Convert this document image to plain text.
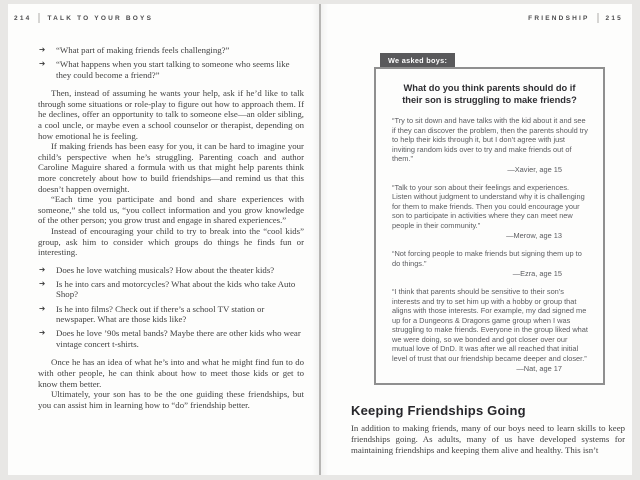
214 TALK TO YOUR BOYS
➔ “What part of making friends feels challenging?”
➔ “What happens when you start talking to someone who seems like they could become a friend?”

Then, instead of assuming he wants your help, ask if he’d like to talk through some situations or role-play to figure out how to approach them. If he declines, offer an opportunity to talk to someone else—an older sibling, a cool uncle, or maybe even a school counselor or therapist, depending on how emotional he is feeling.

If making friends has been easy for you, it can be hard to imagine your child’s perspective when he’s struggling. Parenting coach and author Caroline Maguire shared a formula with us that might help parents think more concretely about how to build friendships—and remind us that this doesn’t happen overnight.

“Each time you participate and bond and share experiences with someone,” she told us, “you collect information and you grow knowledge of the other person; you grow trust and engage in shared experiences.”

Instead of encouraging your child to try to break into the “cool kids” group, ask him to consider which groups do things he finds fun or interesting.

➔ Does he love watching musicals? How about the theater kids?
➔ Is he into cars and motorcycles? What about the kids who take Auto Shop?
➔ Is he into films? Check out if there’s a school TV station or newspaper. What are those kids like?
➔ Does he love ’90s metal bands? Maybe there are other kids who wear vintage concert t-shirts.

Once he has an idea of what he’s into and what he might find fun to do with other people, he can think about how to meet those kids or get to know them better.

Ultimately, your son has to be the one guiding these friendships, but you can assist him in learning how to “do” friendship better.

FRIENDSHIP 215
We asked boys:
What do you think parents should do if their son is struggling to make friends?
“Try to sit down and have talks with the kid about it and see if they can discover the problem, then the parents should try to help their kids through it, but I don’t agree with just inviting random kids over to try and make friends out of them.”
—Xavier, age 15
“Talk to your son about their feelings and experiences. Listen without judgment to understand why it is challenging for them to make friends. Then you could encourage your son to participate in activities where they can meet new people in their community.”
—Merow, age 13
“Not forcing people to make friends but signing them up to do things.”
—Ezra, age 15
“I think that parents should be sensitive to their son’s interests and try to set him up with a hobby or group that aligns with those interests. For example, my dad signed me up for a Dungeons & Dragons game group when I was struggling to make friends. Everyone in the group liked what we were doing, so we bonded and got closer over our mutual love of DnD. It was after we all reached that initial level of trust that our friendship became deeper and closer.”
—Nat, age 17
Keeping Friendships Going

In addition to making friends, many of our boys need to learn skills to keep friendships going. As adults, many of us have developed systems for maintaining friendships and keeping them alive and healthy. This isn’t
